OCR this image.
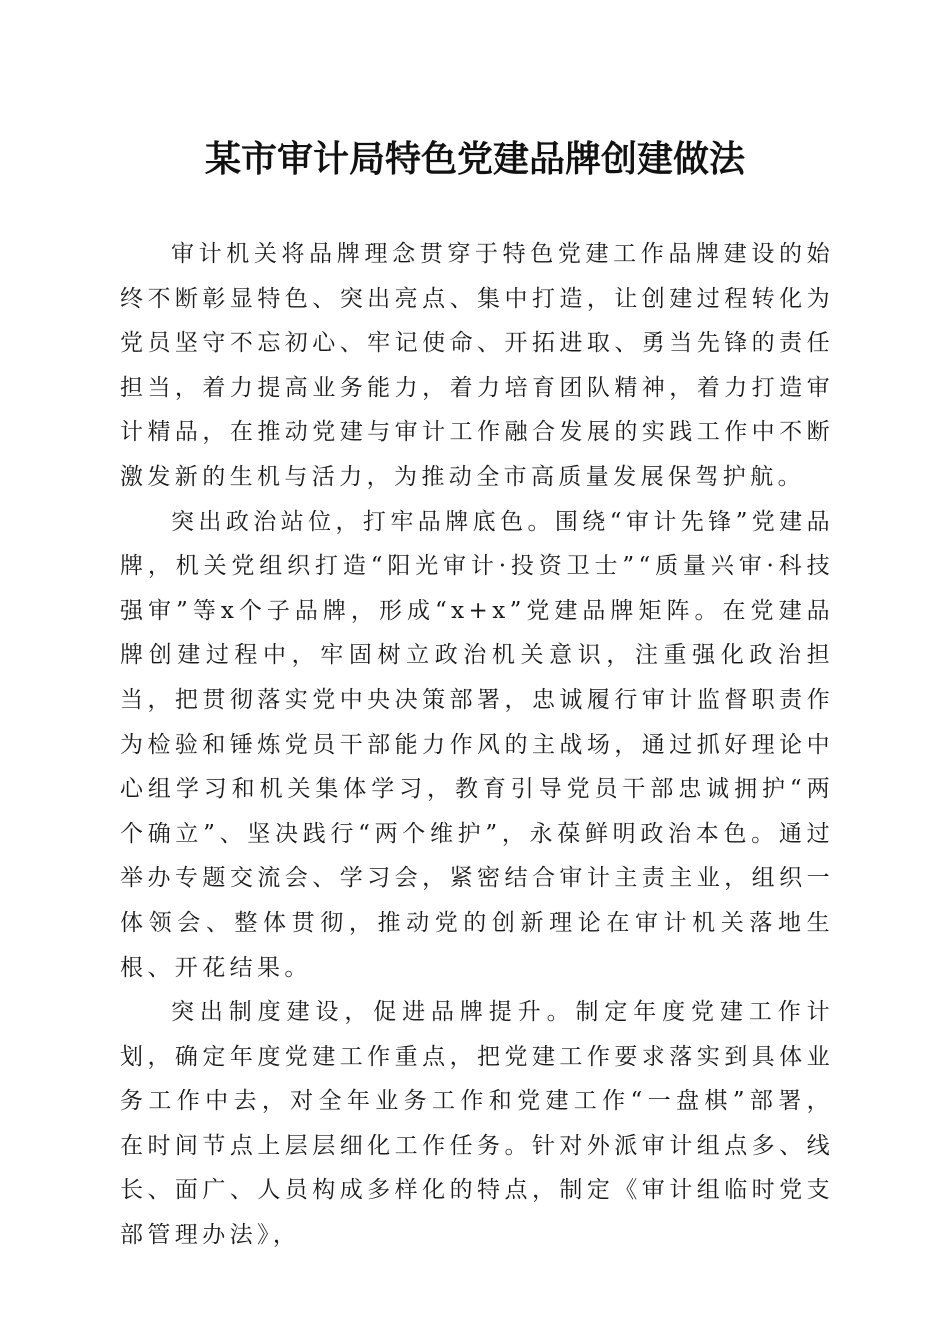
某市审计局特色党建品牌创建做法

审计机关将品牌理念贯穿于特色党建工作品牌建设的始终不断彰显特色、突出亮点、集中打造，让创建过程转化为党员坚守不忘初心、牢记使命、开拓进取、勇当先锋的责任担当，着力提高业务能力，着力培育团队精神，着力打造审计精品，在推动党建与审计工作融合发展的实践工作中不断激发新的生机与活力，为推动全市高质量发展保驾护航。

突出政治站位，打牢品牌底色。围绕“审计先锋”党建品牌，机关党组织打造“阳光审计·投资卫士”“质量兴审·科技强审”等x个子品牌，形成“x+x”党建品牌矩阵。在党建品牌创建过程中，牢固树立政治机关意识，注重强化政治担当，把贯彻落实党中央决策部署，忠诚履行审计监督职责作为检验和锤炼党员干部能力作风的主战场，通过抓好理论中心组学习和机关集体学习，教育引导党员干部忠诚拥护“两个确立”、坚决践行“两个维护”，永葆鲜明政治本色。通过举办专题交流会、学习会，紧密结合审计主责主业，组织一体领会、整体贯彻，推动党的创新理论在审计机关落地生根、开花结果。

突出制度建设，促进品牌提升。制定年度党建工作计划，确定年度党建工作重点，把党建工作要求落实到具体业务工作中去，对全年业务工作和党建工作“一盘棋”部署，在时间节点上层层细化工作任务。针对外派审计组点多、线长、面广、人员构成多样化的特点，制定《审计组临时党支部管理办法》，
